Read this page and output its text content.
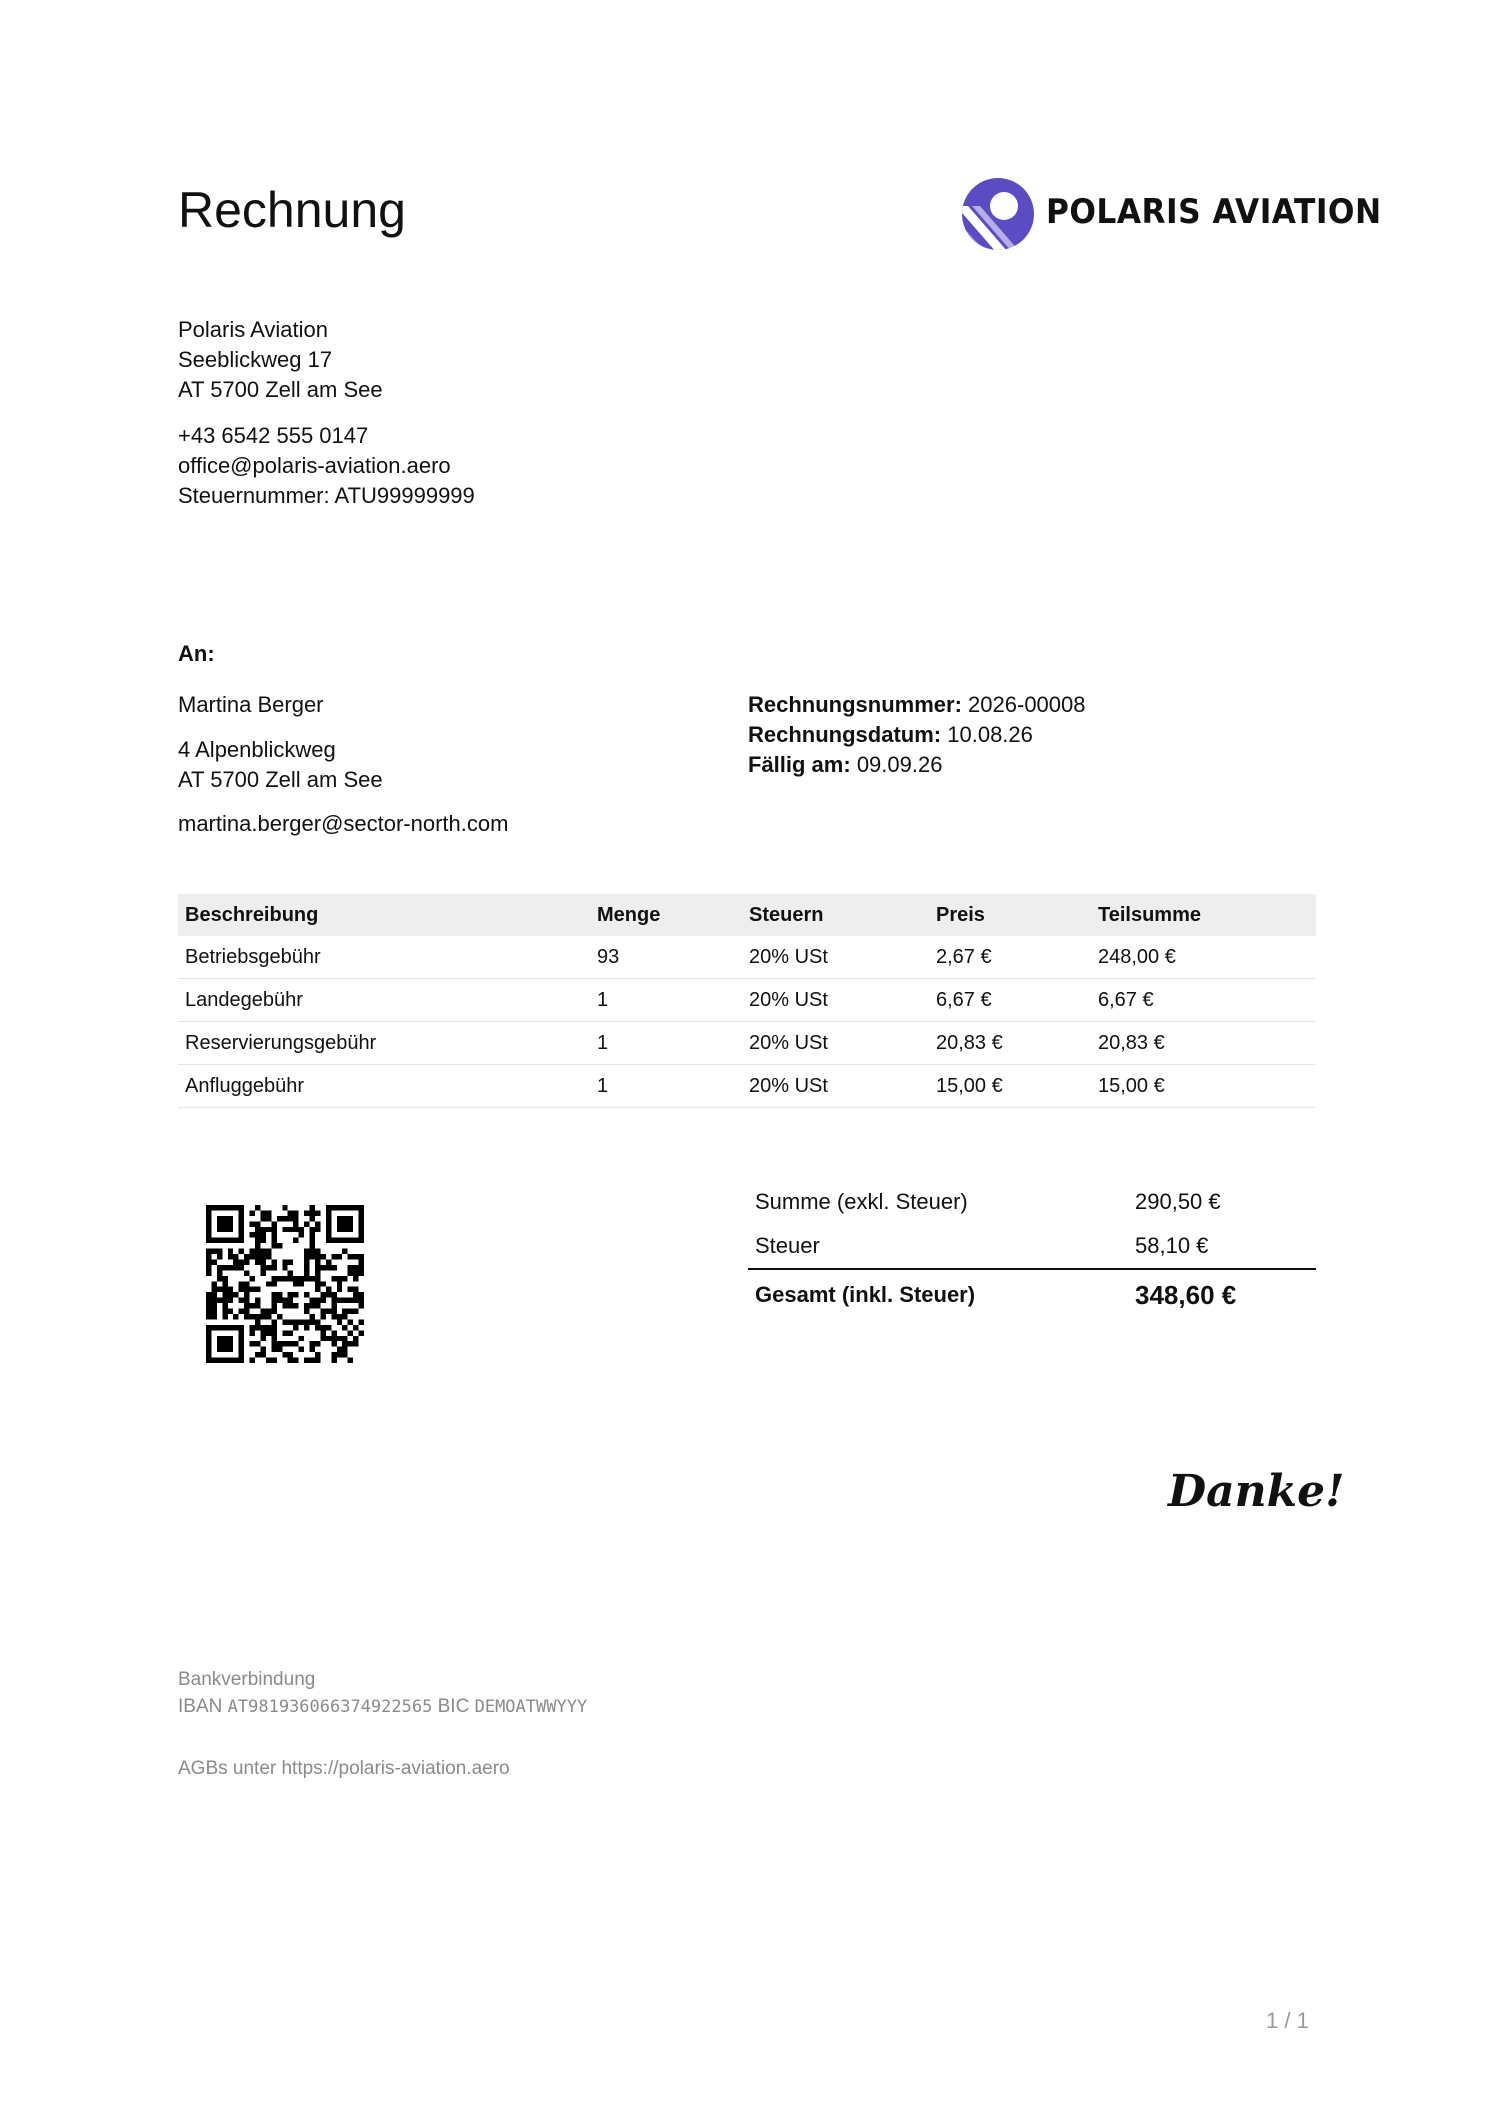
Rechnung	POLARIS AVIATION
Polaris Aviation
Seeblickweg 17
AT 5700 Zell am See
+43 6542 555 0147
office@polaris-aviation.aero
Steuernummer: ATU99999999
An:
Martina Berger
4 Alpenblickweg
AT 5700 Zell am See
martina.berger@sector-north.com
Rechnungsnummer: 2026-00008
Rechnungsdatum: 10.08.26
Fällig am: 09.09.26
Beschreibung	Menge	Steuern	Preis	Teilsumme
Betriebsgebühr	93	20% USt	2,67 €	248,00 €
Landegebühr	1	20% USt	6,67 €	6,67 €
Reservierungsgebühr	1	20% USt	20,83 €	20,83 €
Anfluggebühr	1	20% USt	15,00 €	15,00 €
Summe (exkl. Steuer)	290,50 €
Steuer	58,10 €
Gesamt (inkl. Steuer)	348,60 €
Danke!
Bankverbindung
IBAN AT981936066374922565 BIC DEMOATWWYYY
AGBs unter https://polaris-aviation.aero
1 / 1
